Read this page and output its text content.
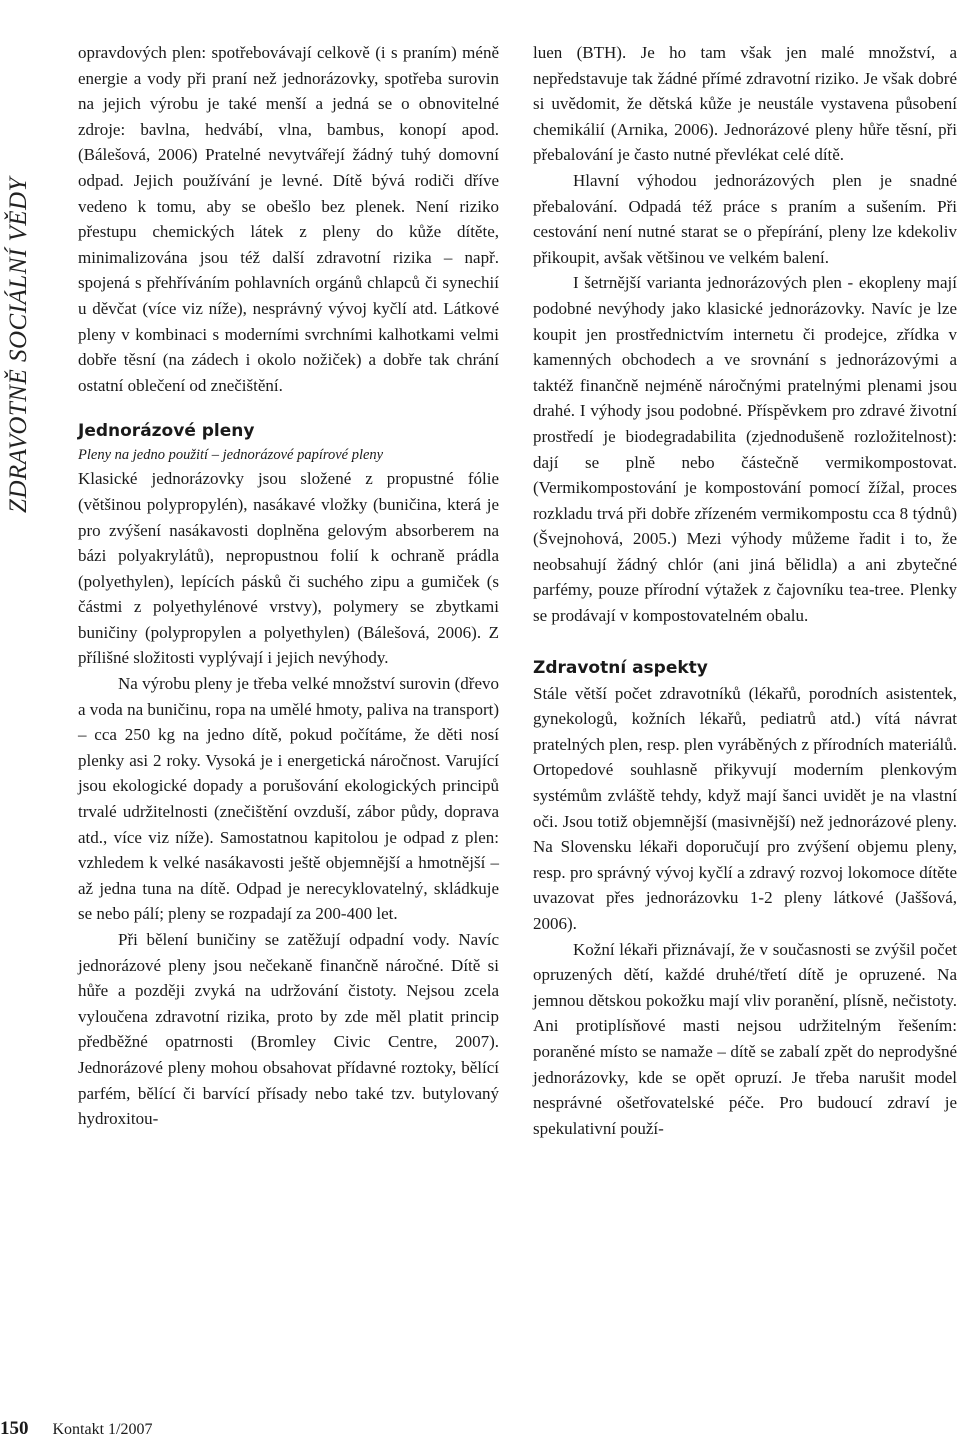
ZDRAVOTNĚ SOCIÁLNÍ VĚDY

opravdových plen: spotřebovávají celkově (i s praním) méně energie a vody při praní než jednorázovky, spotřeba surovin na jejich výrobu je také menší a jedná se o obnovitelné zdroje: bavlna, hedvábí, vlna, bambus, konopí apod. (Bálešová, 2006) Pratelné nevytvářejí žádný tuhý domovní odpad. Jejich používání je levné. Dítě bývá rodiči dříve vedeno k tomu, aby se obešlo bez plenek. Není riziko přestupu chemických látek z pleny do kůže dítěte, minimalizována jsou též další zdravotní rizika – např. spojená s přehříváním pohlavních orgánů chlapců či synechií u děvčat (více viz níže), nesprávný vývoj kyčlí atd. Látkové pleny v kombinaci s moderními svrchními kalhotkami velmi dobře těsní (na zádech i okolo nožiček) a dobře tak chrání ostatní oblečení od znečištění.

Jednorázové pleny
Pleny na jedno použití – jednorázové papírové pleny

Klasické jednorázovky jsou složené z propustné fólie (většinou polypropylén), nasákavé vložky (buničina, která je pro zvýšení nasákavosti doplněna gelovým absorberem na bázi polyakrylátů), nepropustnou folií k ochraně prádla (polyethylen), lepících pásků či suchého zipu a gumiček (s částmi z polyethylénové vrstvy), polymery se zbytkami buničiny (polypropylen a polyethylen) (Bálešová, 2006). Z přílišné složitosti vyplývají i jejich nevýhody.

Na výrobu pleny je třeba velké množství surovin (dřevo a voda na buničinu, ropa na umělé hmoty, paliva na transport) – cca 250 kg na jedno dítě, pokud počítáme, že děti nosí plenky asi 2 roky. Vysoká je i energetická náročnost. Varující jsou ekologické dopady a porušování ekologických principů trvalé udržitelnosti (znečištění ovzduší, zábor půdy, doprava atd., více viz níže). Samostatnou kapitolou je odpad z plen: vzhledem k velké nasákavosti ještě objemnější a hmotnější – až jedna tuna na dítě. Odpad je nerecyklovatelný, skládkuje se nebo pálí; pleny se rozpadají za 200-400 let.

Při bělení buničiny se zatěžují odpadní vody. Navíc jednorázové pleny jsou nečekaně finančně náročné. Dítě si hůře a později zvyká na udržování čistoty. Nejsou zcela vyloučena zdravotní rizika, proto by zde měl platit princip předběžné opatrnosti (Bromley Civic Centre, 2007). Jednorázové pleny mohou obsahovat přídavné roztoky, bělící parfém, bělící či barvící přísady nebo také tzv. butylovaný hydroxitou-

luen (BTH). Je ho tam však jen malé množství, a nepředstavuje tak žádné přímé zdravotní riziko. Je však dobré si uvědomit, že dětská kůže je neustále vystavena působení chemikálií (Arnika, 2006). Jednorázové pleny hůře těsní, při přebalování je často nutné převlékat celé dítě.

Hlavní výhodou jednorázových plen je snadné přebalování. Odpadá též práce s praním a sušením. Při cestování není nutné starat se o přepírání, pleny lze kdekoliv přikoupit, avšak většinou ve velkém balení.

I šetrnější varianta jednorázových plen - ekopleny mají podobné nevýhody jako klasické jednorázovky. Navíc je lze koupit jen prostřednictvím internetu či prodejce, zřídka v kamenných obchodech a ve srovnání s jednorázovými a taktéž finančně nejméně náročnými pratelnými plenami jsou drahé. I výhody jsou podobné. Příspěvkem pro zdravé životní prostředí je biodegradabilita (zjednodušeně rozložitelnost): dají se plně nebo částečně vermikompostovat. (Vermikompostování je kompostování pomocí žížal, proces rozkladu trvá při dobře zřízeném vermikompostu cca 8 týdnů) (Švejnohová, 2005.) Mezi výhody můžeme řadit i to, že neobsahují žádný chlór (ani jiná bělidla) a ani zbytečné parfémy, pouze přírodní výtažek z čajovníku tea-tree. Plenky se prodávají v kompostovatelném obalu.

Zdravotní aspekty

Stále větší počet zdravotníků (lékařů, porodních asistentek, gynekologů, kožních lékařů, pediatrů atd.) vítá návrat pratelných plen, resp. plen vyráběných z přírodních materiálů. Ortopedové souhlasně přikyvují moderním plenkovým systémům zvláště tehdy, když mají šanci uvidět je na vlastní oči. Jsou totiž objemnější (masivnější) než jednorázové pleny. Na Slovensku lékaři doporučují pro zvýšení objemu pleny, resp. pro správný vývoj kyčlí a zdravý rozvoj lokomoce dítěte uvazovat přes jednorázovku 1-2 pleny látkové (Jaššová, 2006).

Kožní lékaři přiznávají, že v současnosti se zvýšil počet opruzených dětí, každé druhé/třetí dítě je opruzené. Na jemnou dětskou pokožku mají vliv poranění, plísně, nečistoty. Ani protiplísňové masti nejsou udržitelným řešením: poraněné místo se namaže – dítě se zabalí zpět do neprodyšné jednorázovky, kde se opět opruzí. Je třeba narušit model nesprávné ošetřovatelské péče. Pro budoucí zdraví je spekulativní použí-

150 Kontakt 1/2007
